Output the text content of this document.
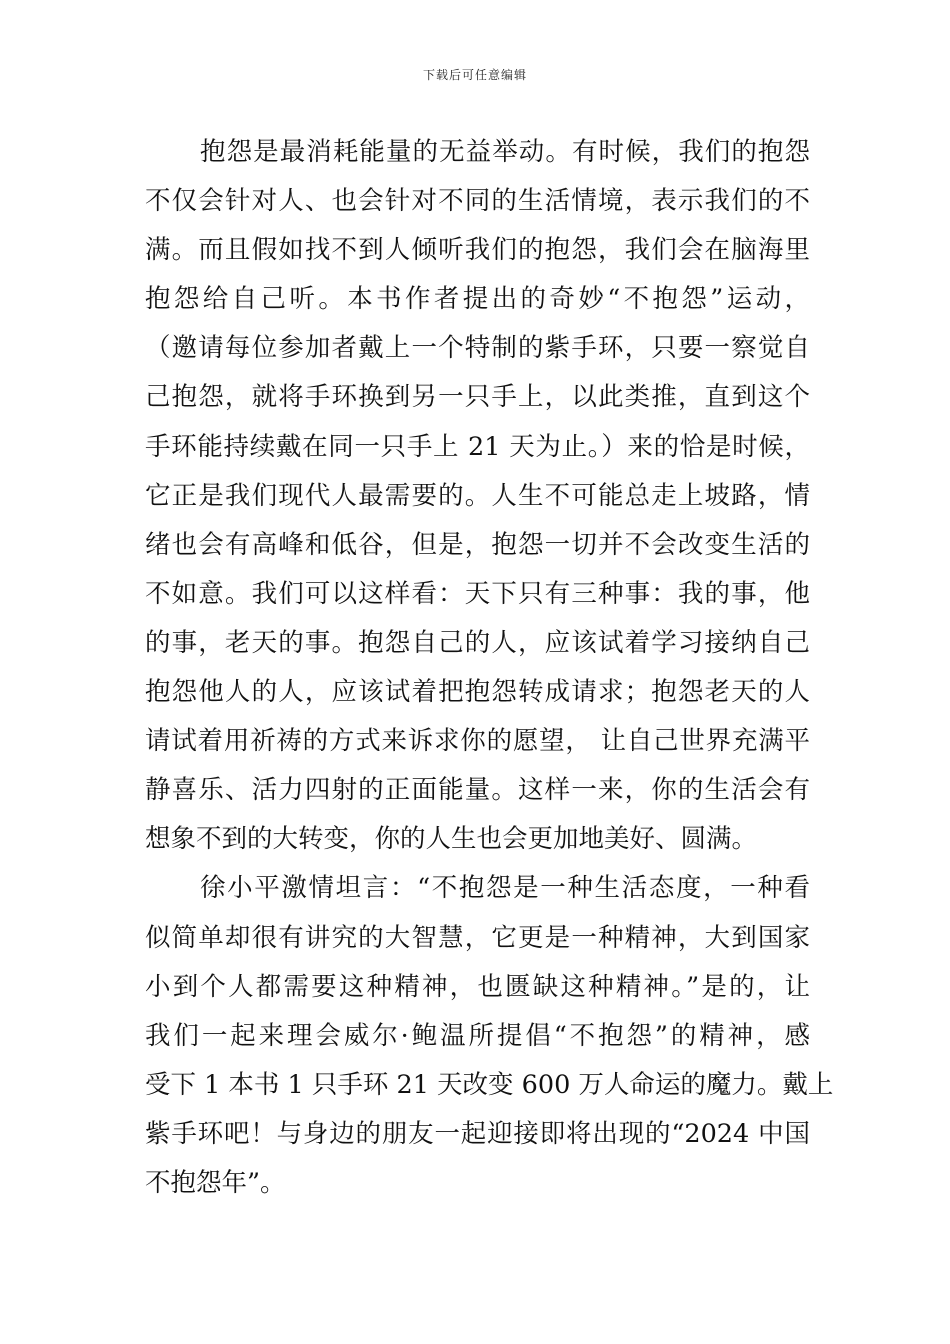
下载后可任意编辑
抱怨是最消耗能量的无益举动。有时候，我们的抱怨
不仅会针对人、也会针对不同的生活情境，表示我们的不
满。而且假如找不到人倾听我们的抱怨，我们会在脑海里
抱怨给自己听。本书作者提出的奇妙“不抱怨”运动，
（邀请每位参加者戴上一个特制的紫手环，只要一察觉自
己抱怨，就将手环换到另一只手上，以此类推，直到这个
手环能持续戴在同一只手上 21 天为止。）来的恰是时候，
它正是我们现代人最需要的。人生不可能总走上坡路，情
绪也会有高峰和低谷，但是，抱怨一切并不会改变生活的
不如意。我们可以这样看：天下只有三种事：我的事，他
的事，老天的事。抱怨自己的人，应该试着学习接纳自己
抱怨他人的人，应该试着把抱怨转成请求；抱怨老天的人
请试着用祈祷的方式来诉求你的愿望， 让自己世界充满平
静喜乐、活力四射的正面能量。这样一来，你的生活会有
想象不到的大转变，你的人生也会更加地美好、圆满。
徐小平激情坦言：“不抱怨是一种生活态度，一种看
似简单却很有讲究的大智慧，它更是一种精神，大到国家
小到个人都需要这种精神，也匮缺这种精神。”是的，让
我们一起来理会威尔·鲍温所提倡“不抱怨”的精神，感
受下 1 本书 1 只手环 21 天改变 600 万人命运的魔力。戴上
紫手环吧！与身边的朋友一起迎接即将出现的“2024 中国
不抱怨年”。
